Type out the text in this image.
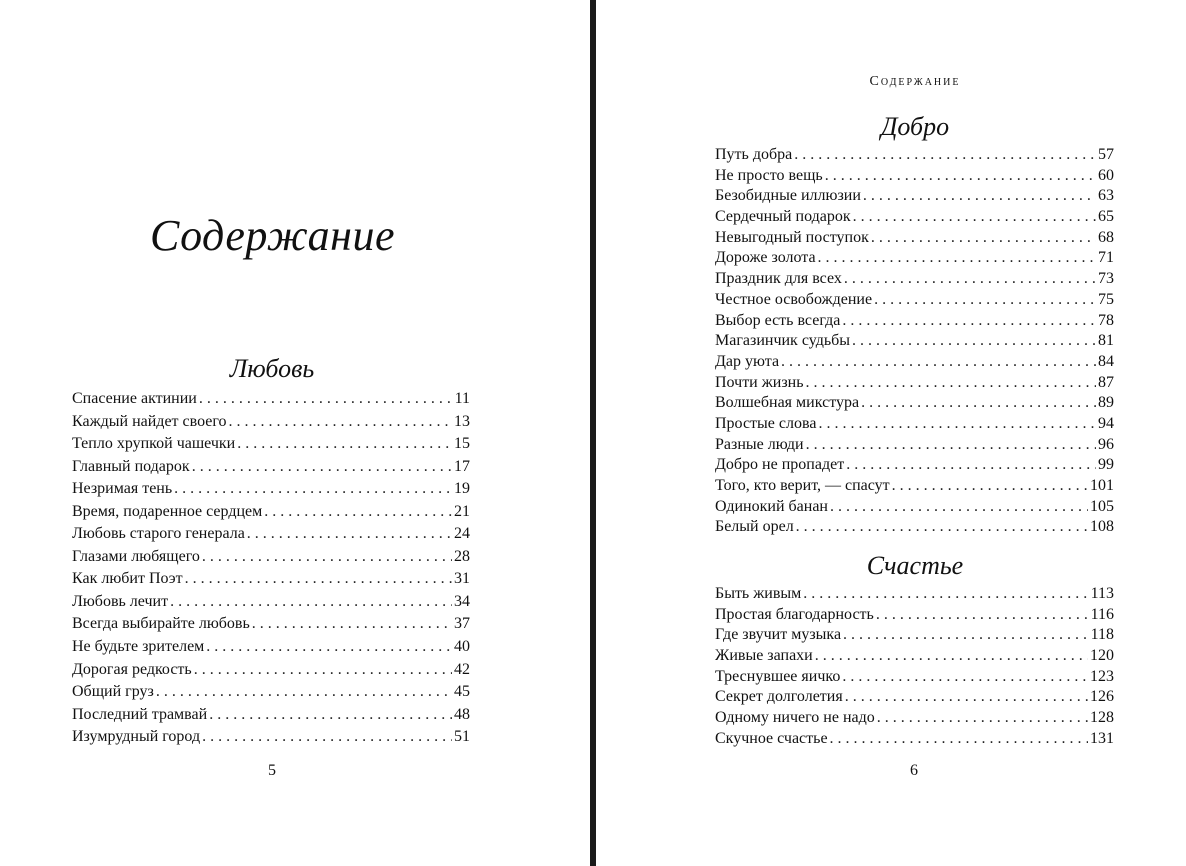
Содержание
Любовь
Спасение актинии . . .	11
Каждый найдет своего . . .	13
Тепло хрупкой чашечки . . .	15
Главный подарок . . .	17
Незримая тень . . .	19
Время, подаренное сердцем . . .	21
Любовь старого генерала . . .	24
Глазами любящего . . .	28
Как любит Поэт . . .	31
Любовь лечит . . .	34
Всегда выбирайте любовь . . .	37
Не будьте зрителем . . .	40
Дорогая редкость . . .	42
Общий груз . . .	45
Последний трамвай . . .	48
Изумрудный город . . .	51
5
Содержание
Добро
Путь добра . . .	57
Не просто вещь . . .	60
Безобидные иллюзии . . .	63
Сердечный подарок . . .	65
Невыгодный поступок . . .	68
Дороже золота . . .	71
Праздник для всех . . .	73
Честное освобождение . . .	75
Выбор есть всегда . . .	78
Магазинчик судьбы . . .	81
Дар уюта . . .	84
Почти жизнь . . .	87
Волшебная микстура . . .	89
Простые слова . . .	94
Разные люди . . .	96
Добро не пропадет . . .	99
Того, кто верит, — спасут . . .	101
Одинокий банан . . .	105
Белый орел . . .	108
Счастье
Быть живым . . .	113
Простая благодарность . . .	116
Где звучит музыка . . .	118
Живые запахи . . .	120
Треснувшее яичко . . .	123
Секрет долголетия . . .	126
Одному ничего не надо . . .	128
Скучное счастье . . .	131
6
